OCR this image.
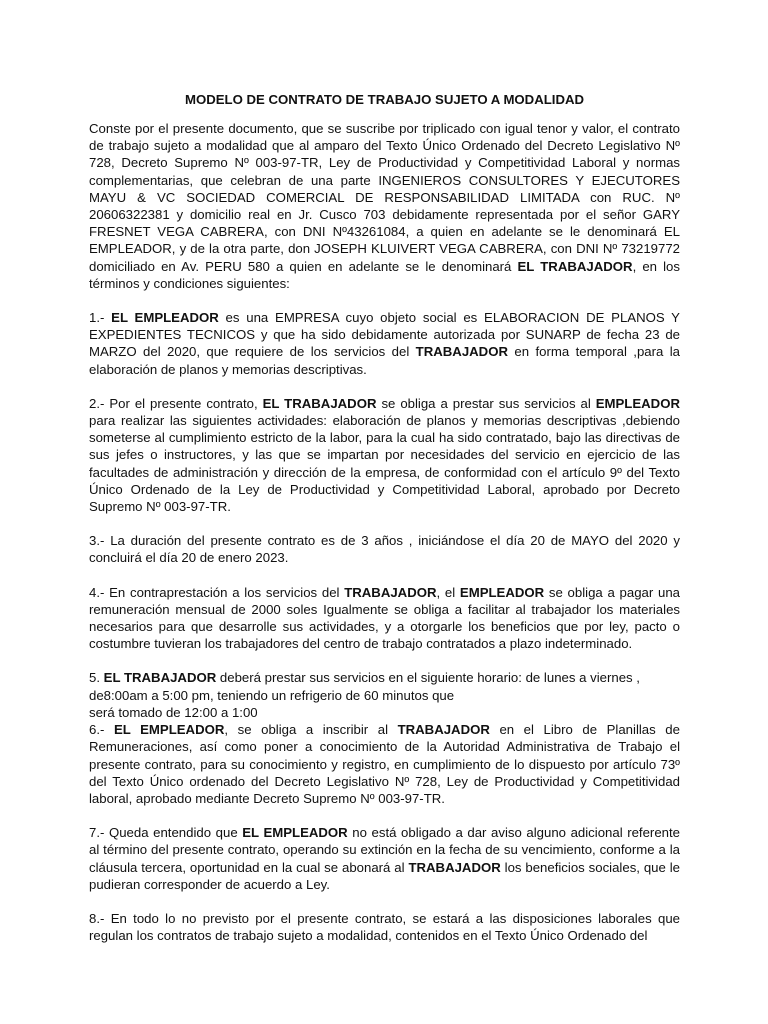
MODELO DE CONTRATO DE TRABAJO SUJETO A MODALIDAD
Conste por el presente documento, que se suscribe por triplicado con igual tenor y valor, el contrato de trabajo sujeto a modalidad que al amparo del Texto Único Ordenado del Decreto Legislativo Nº 728, Decreto Supremo Nº 003-97-TR, Ley de Productividad y Competitividad Laboral y normas complementarias, que celebran de una parte INGENIEROS CONSULTORES Y EJECUTORES MAYU & VC SOCIEDAD COMERCIAL DE RESPONSABILIDAD LIMITADA con RUC. Nº 20606322381 y domicilio real en Jr. Cusco 703 debidamente representada por el señor GARY FRESNET VEGA CABRERA, con DNI Nº43261084, a quien en adelante se le denominará EL EMPLEADOR, y de la otra parte, don JOSEPH KLUIVERT VEGA CABRERA, con DNI Nº 73219772 domiciliado en Av. PERU 580 a quien en adelante se le denominará EL TRABAJADOR, en los términos y condiciones siguientes:
1.- EL EMPLEADOR es una EMPRESA cuyo objeto social es ELABORACION DE PLANOS Y EXPEDIENTES TECNICOS y que ha sido debidamente autorizada por SUNARP de fecha 23 de MARZO del 2020, que requiere de los servicios del TRABAJADOR en forma temporal ,para la elaboración de planos y memorias descriptivas.
2.- Por el presente contrato, EL TRABAJADOR se obliga a prestar sus servicios al EMPLEADOR para realizar las siguientes actividades: elaboración de planos y memorias descriptivas ,debiendo someterse al cumplimiento estricto de la labor, para la cual ha sido contratado, bajo las directivas de sus jefes o instructores, y las que se impartan por necesidades del servicio en ejercicio de las facultades de administración y dirección de la empresa, de conformidad con el artículo 9º del Texto Único Ordenado de la Ley de Productividad y Competitividad Laboral, aprobado por Decreto Supremo Nº 003-97-TR.
3.- La duración del presente contrato es de 3 años , iniciándose el día 20 de MAYO del 2020 y concluirá el día 20 de enero 2023.
4.- En contraprestación a los servicios del TRABAJADOR, el EMPLEADOR se obliga a pagar una remuneración mensual de 2000 soles Igualmente se obliga a facilitar al trabajador los materiales necesarios para que desarrolle sus actividades, y a otorgarle los beneficios que por ley, pacto o costumbre tuvieran los trabajadores del centro de trabajo contratados a plazo indeterminado.
5. EL TRABAJADOR deberá prestar sus servicios en el siguiente horario: de lunes a viernes ,
de8:00am a 5:00 pm, teniendo un refrigerio de 60 minutos que
será tomado de 12:00 a 1:00
6.- EL EMPLEADOR, se obliga a inscribir al TRABAJADOR en el Libro de Planillas de Remuneraciones, así como poner a conocimiento de la Autoridad Administrativa de Trabajo el presente contrato, para su conocimiento y registro, en cumplimiento de lo dispuesto por artículo 73º del Texto Único ordenado del Decreto Legislativo Nº 728, Ley de Productividad y Competitividad laboral, aprobado mediante Decreto Supremo Nº 003-97-TR.
7.- Queda entendido que EL EMPLEADOR no está obligado a dar aviso alguno adicional referente al término del presente contrato, operando su extinción en la fecha de su vencimiento, conforme a la cláusula tercera, oportunidad en la cual se abonará al TRABAJADOR los beneficios sociales, que le pudieran corresponder de acuerdo a Ley.
8.- En todo lo no previsto por el presente contrato, se estará a las disposiciones laborales que regulan los contratos de trabajo sujeto a modalidad, contenidos en el Texto Único Ordenado del
